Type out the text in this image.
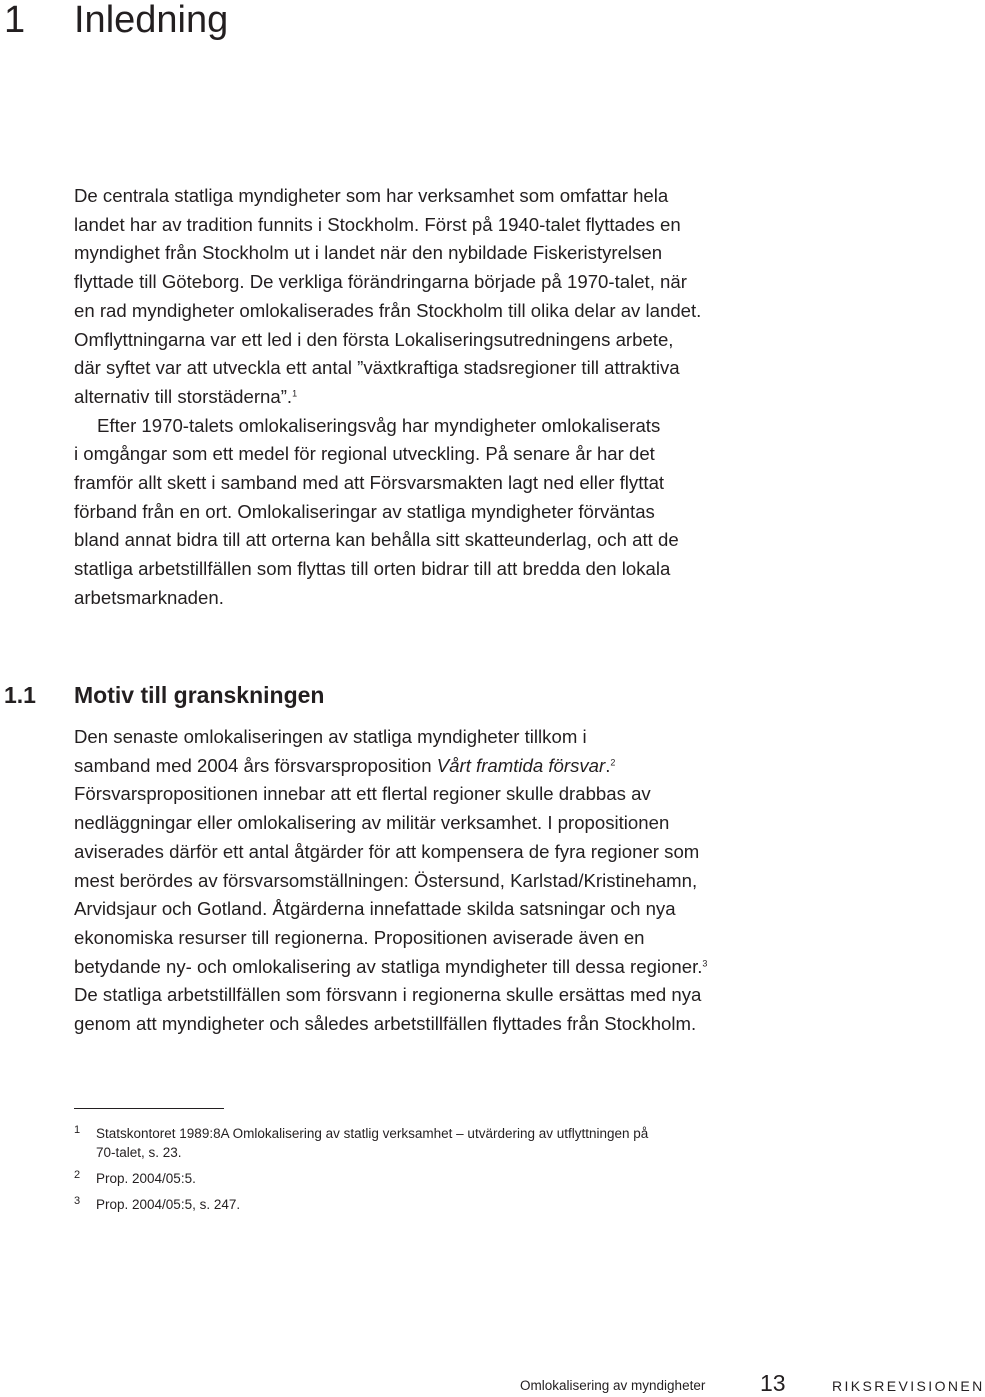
1 Inledning

De centrala statliga myndigheter som har verksamhet som omfattar hela

landet har av tradition funnits i Stockholm. Först på 1940-talet flyttades en

myndighet från Stockholm ut i landet när den nybildade Fiskeristyrelsen

flyttade till Göteborg. De verkliga förändringarna började på 1970-talet, när

en rad myndigheter omlokaliserades från Stockholm till olika delar av landet.

Omflyttningarna var ett led i den första Lokaliseringsutredningens arbete,

där syftet var att utveckla ett antal ”växtkraftiga stadsregioner till attraktiva

alternativ till storstäderna”.$^1$

Efter 1970-talets omlokaliseringsvåg har myndigheter omlokaliserats

i omgångar som ett medel för regional utveckling. På senare år har det

framför allt skett i samband med att Försvarsmakten lagt ned eller flyttat

förband från en ort. Omlokaliseringar av statliga myndigheter förväntas

bland annat bidra till att orterna kan behålla sitt skatteunderlag, och att de

statliga arbetstillfällen som flyttas till orten bidrar till att bredda den lokala

arbetsmarknaden.

1.1 Motiv till granskningen

Den senaste omlokaliseringen av statliga myndigheter tillkom i

samband med 2004 års försvarsproposition Vårt framtida försvar.$^2$

Försvarspropositionen innebar att ett flertal regioner skulle drabbas av

nedläggningar eller omlokalisering av militär verksamhet. I propositionen

aviserades därför ett antal åtgärder för att kompensera de fyra regioner som

mest berördes av försvarsomställningen: Östersund, Karlstad/Kristinehamn,

Arvidsjaur och Gotland. Åtgärderna innefattade skilda satsningar och nya

ekonomiska resurser till regionerna. Propositionen aviserade även en

betydande ny- och omlokalisering av statliga myndigheter till dessa regioner.$^3$

De statliga arbetstillfällen som försvann i regionerna skulle ersättas med nya

genom att myndigheter och således arbetstillfällen flyttades från Stockholm.

1 Statskontoret 1989:8A Omlokalisering av statlig verksamhet – utvärdering av utflyttningen på
70-talet, s. 23.
2 Prop. 2004/05:5.
3 Prop. 2004/05:5, s. 247.
Omlokalisering av myndigheter 13	RIKSREVISIONEN
